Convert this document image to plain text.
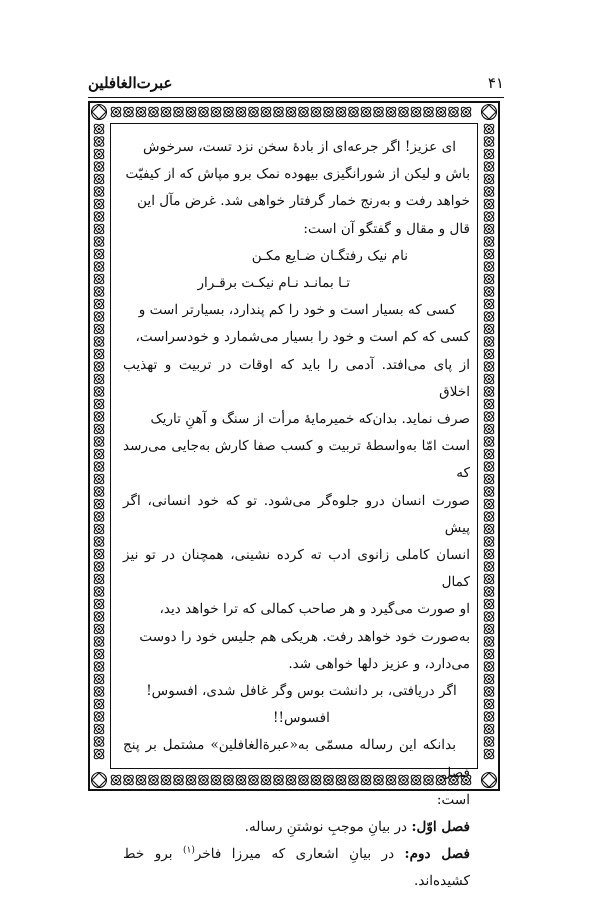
۴۱
عبرت‌الغافلين

ای عزیز! اگر جرعه‌ای از بادهٔ سخن نزد تست، سرخوش

باش و لیکن از شورانگیزی بیهوده نمک برو مپاش که از کیفیّت

خواهد رفت و به‌رنج خمار گرفتار خواهی شد. غرض مآل این

قال و مقال و گفتگو آن است:

نام نیک رفتگـان ضـایع مکـن

تـا بمانـد نـام نیکـت برقـرار

کسی که بسیار است و خود را کم پندارد، بسیارتر است و

کسی که کم است و خود را بسیار می‌شمارد و خودسراست،

از پای می‌افتد. آدمی را باید که اوقات در تربیت و تهذیب اخلاق

صرف نماید. بدان‌که خمیرمایهٔ مرأت از سنگ و آهنِ تاریک

است امّا به‌واسطهٔ تربیت و کسب صفا کارش به‌جایی می‌رسد که

صورت انسان درو جلوه‌گر می‌شود. تو که خود انسانی، اگر پیش

انسان کاملی زانوی ادب ته کرده نشینی، همچنان در تو نیز کمال

او صورت می‌گیرد و هر صاحب کمالی که ترا خواهد دید،

به‌صورت خود خواهد رفت. هریکی هم جلیس خود را دوست

می‌دارد، و عزیز دلها خواهی شد.

اگر دریافتی، بر دانشت بوس وگر غافل شدی، افسوس! افسوس!!

بدانکه این رساله مسمّی به«عبرةالغافلین» مشتمل بر پنج فصل

است:

فصل اوّل: در بیانِ موجبِ نوشتنِ رساله.

فصل دوم: در بیانِ اشعاری که میرزا فاخر$^{(۱)}$ برو خط کشیده‌اند.
